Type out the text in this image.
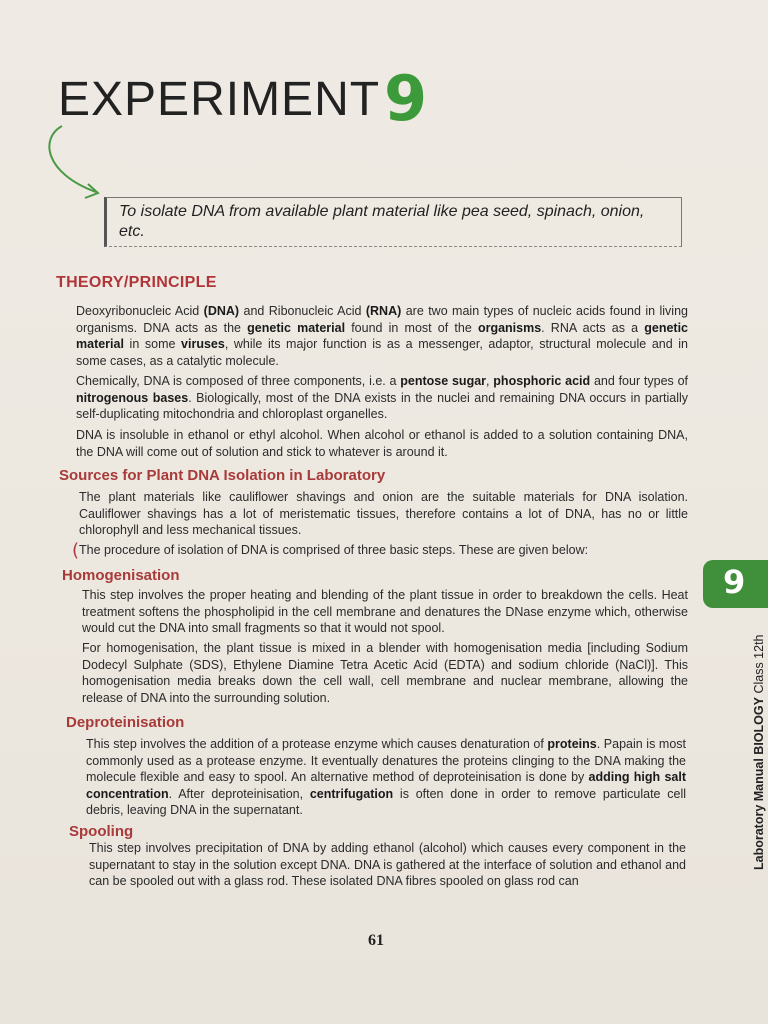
EXPERIMENT 9
To isolate DNA from available plant material like pea seed, spinach, onion, etc.
THEORY/PRINCIPLE
Deoxyribonucleic Acid (DNA) and Ribonucleic Acid (RNA) are two main types of nucleic acids found in living organisms. DNA acts as the genetic material found in most of the organisms. RNA acts as a genetic material in some viruses, while its major function is as a messenger, adaptor, structural molecule and in some cases, as a catalytic molecule.
Chemically, DNA is composed of three components, i.e. a pentose sugar, phosphoric acid and four types of nitrogenous bases. Biologically, most of the DNA exists in the nuclei and remaining DNA occurs in partially self-duplicating mitochondria and chloroplast organelles.
DNA is insoluble in ethanol or ethyl alcohol. When alcohol or ethanol is added to a solution containing DNA, the DNA will come out of solution and stick to whatever is around it.
Sources for Plant DNA Isolation in Laboratory
The plant materials like cauliflower shavings and onion are the suitable materials for DNA isolation. Cauliflower shavings has a lot of meristematic tissues, therefore contains a lot of DNA, has no or little chlorophyll and less mechanical tissues.
( The procedure of isolation of DNA is comprised of three basic steps. These are given below:
Homogenisation
This step involves the proper heating and blending of the plant tissue in order to breakdown the cells. Heat treatment softens the phospholipid in the cell membrane and denatures the DNase enzyme which, otherwise would cut the DNA into small fragments so that it would not spool.
For homogenisation, the plant tissue is mixed in a blender with homogenisation media [including Sodium Dodecyl Sulphate (SDS), Ethylene Diamine Tetra Acetic Acid (EDTA) and sodium chloride (NaCl)]. This homogenisation media breaks down the cell wall, cell membrane and nuclear membrane, allowing the release of DNA into the surrounding solution.
Deproteinisation
This step involves the addition of a protease enzyme which causes denaturation of proteins. Papain is most commonly used as a protease enzyme. It eventually denatures the proteins clinging to the DNA making the molecule flexible and easy to spool. An alternative method of deproteinisation is done by adding high salt concentration. After deproteinisation, centrifugation is often done in order to remove particulate cell debris, leaving DNA in the supernatant.
Spooling
This step involves precipitation of DNA by adding ethanol (alcohol) which causes every component in the supernatant to stay in the solution except DNA. DNA is gathered at the interface of solution and ethanol and can be spooled out with a glass rod. These isolated DNA fibres spooled on glass rod can
9
Laboratory Manual BIOLOGY Class 12th
61
